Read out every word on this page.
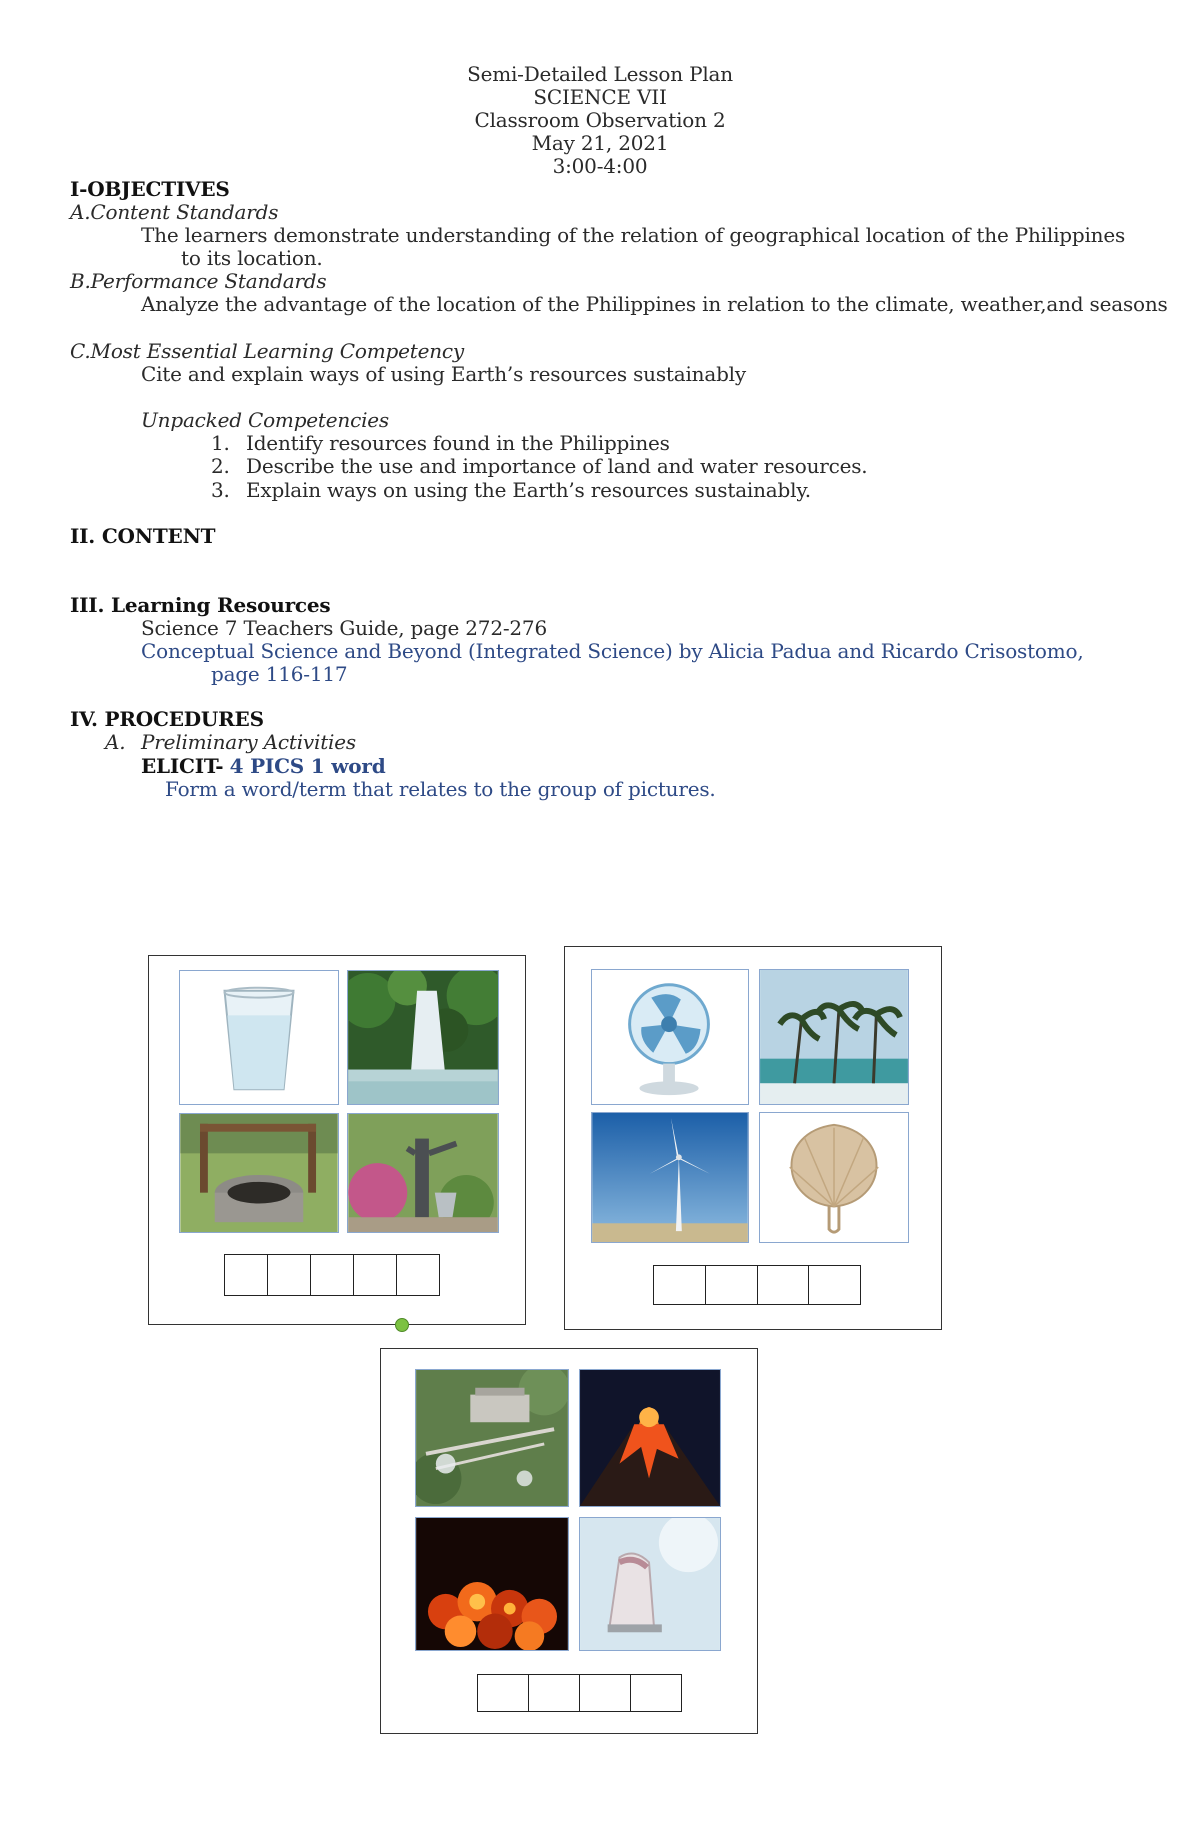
Semi-Detailed Lesson Plan
SCIENCE VII
Classroom Observation 2
May 21, 2021
3:00-4:00
I-OBJECTIVES
A.Content Standards
The learners demonstrate understanding of the relation of geographical location of the Philippines
to its location.
B.Performance Standards
Analyze the advantage of the location of the Philippines in relation to the climate, weather,and seasons
C.Most Essential Learning Competency
Cite and explain ways of using Earth’s resources sustainably
Unpacked Competencies
1. Identify resources found in the Philippines
2. Describe the use and importance of land and water resources.
3. Explain ways on using the Earth’s resources sustainably.
II. CONTENT
III. Learning Resources
Science 7 Teachers Guide, page 272-276
Conceptual Science and Beyond (Integrated Science) by Alicia Padua and Ricardo Crisostomo,
page 116-117
IV. PROCEDURES
A. Preliminary Activities
ELICIT- 4 PICS 1 word
Form a word/term that relates to the group of pictures.
